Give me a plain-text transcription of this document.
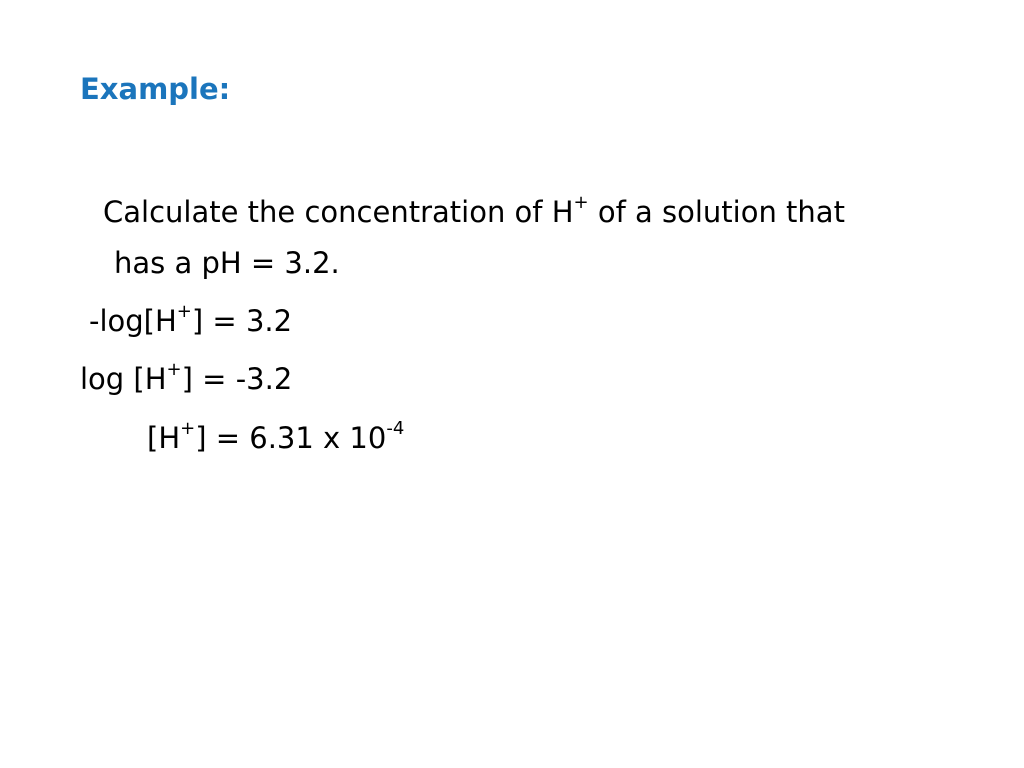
Example:
Calculate the concentration of H+ of a solution that
has a pH = 3.2.
-log[H+] = 3.2
log [H+] = -3.2
[H+] = 6.31 x $10^{-4}$
